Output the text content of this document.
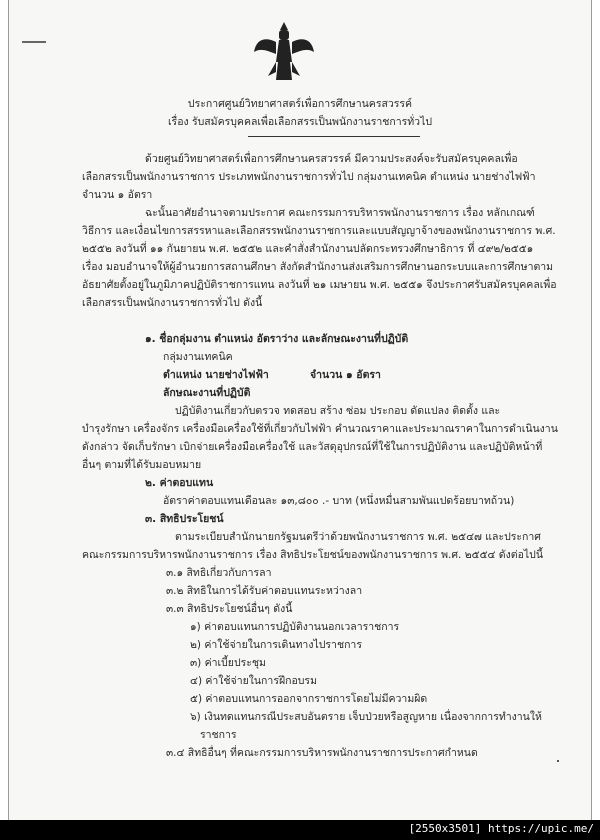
ประกาศศูนย์วิทยาศาสตร์เพื่อการศึกษานครสวรรค์
เรื่อง รับสมัครบุคคลเพื่อเลือกสรรเป็นพนักงานราชการทั่วไป
ด้วยศูนย์วิทยาศาสตร์เพื่อการศึกษานครสวรรค์ มีความประสงค์จะรับสมัครบุคคลเพื่อ
เลือกสรรเป็นพนักงานราชการ ประเภทพนักงานราชการทั่วไป กลุ่มงานเทคนิค ตำแหน่ง นายช่างไฟฟ้า
จำนวน ๑ อัตรา
ฉะนั้นอาศัยอำนาจตามประกาศ คณะกรรมการบริหารพนักงานราชการ เรื่อง หลักเกณฑ์
วิธีการ และเงื่อนไขการสรรหาและเลือกสรรพนักงานราชการและแบบสัญญาจ้างของพนักงานราชการ พ.ศ.
๒๕๕๒ ลงวันที่ ๑๑ กันยายน พ.ศ. ๒๕๕๒ และคำสั่งสำนักงานปลัดกระทรวงศึกษาธิการ ที่ ๔๙๒/๒๕๕๑
เรื่อง มอบอำนาจให้ผู้อำนวยการสถานศึกษา สังกัดสำนักงานส่งเสริมการศึกษานอกระบบและการศึกษาตาม
อัธยาศัยตั้งอยู่ในภูมิภาคปฏิบัติราชการแทน ลงวันที่ ๒๑ เมษายน พ.ศ. ๒๕๕๑ จึงประกาศรับสมัครบุคคลเพื่อ
เลือกสรรเป็นพนักงานราชการทั่วไป ดังนี้
๑. ชื่อกลุ่มงาน ตำแหน่ง อัตราว่าง และลักษณะงานที่ปฏิบัติ
กลุ่มงานเทคนิค
ตำแหน่ง นายช่างไฟฟ้า	จำนวน ๑ อัตรา
ลักษณะงานที่ปฏิบัติ
ปฏิบัติงานเกี่ยวกับตรวจ ทดสอบ สร้าง ซ่อม ประกอบ ดัดแปลง ติดตั้ง และ
บำรุงรักษา เครื่องจักร เครื่องมือเครื่องใช้ที่เกี่ยวกับไฟฟ้า คำนวณราคาและประมาณราคาในการดำเนินงาน
ดังกล่าว จัดเก็บรักษา เบิกจ่ายเครื่องมือเครื่องใช้ และวัสดุอุปกรณ์ที่ใช้ในการปฏิบัติงาน และปฏิบัติหน้าที่
อื่นๆ ตามที่ได้รับมอบหมาย
๒. ค่าตอบแทน
อัตราค่าตอบแทนเดือนละ ๑๓,๘๐๐ .- บาท (หนึ่งหมื่นสามพันแปดร้อยบาทถ้วน)
๓. สิทธิประโยชน์
ตามระเบียบสำนักนายกรัฐมนตรีว่าด้วยพนักงานราชการ พ.ศ. ๒๕๔๗ และประกาศ
คณะกรรมการบริหารพนักงานราชการ เรื่อง สิทธิประโยชน์ของพนักงานราชการ พ.ศ. ๒๕๕๔ ดังต่อไปนี้
๓.๑ สิทธิเกี่ยวกับการลา
๓.๒ สิทธิในการได้รับค่าตอบแทนระหว่างลา
๓.๓ สิทธิประโยชน์อื่นๆ ดังนี้
๑) ค่าตอบแทนการปฏิบัติงานนอกเวลาราชการ
๒) ค่าใช้จ่ายในการเดินทางไปราชการ
๓) ค่าเบี้ยประชุม
๔) ค่าใช้จ่ายในการฝึกอบรม
๕) ค่าตอบแทนการออกจากราชการโดยไม่มีความผิด
๖) เงินทดแทนกรณีประสบอันตราย เจ็บป่วยหรือสูญหาย เนื่องจากการทำงานให้
ราชการ
๓.๔ สิทธิอื่นๆ ที่คณะกรรมการบริหารพนักงานราชการประกาศกำหนด
[2550x3501] https://upic.me/
